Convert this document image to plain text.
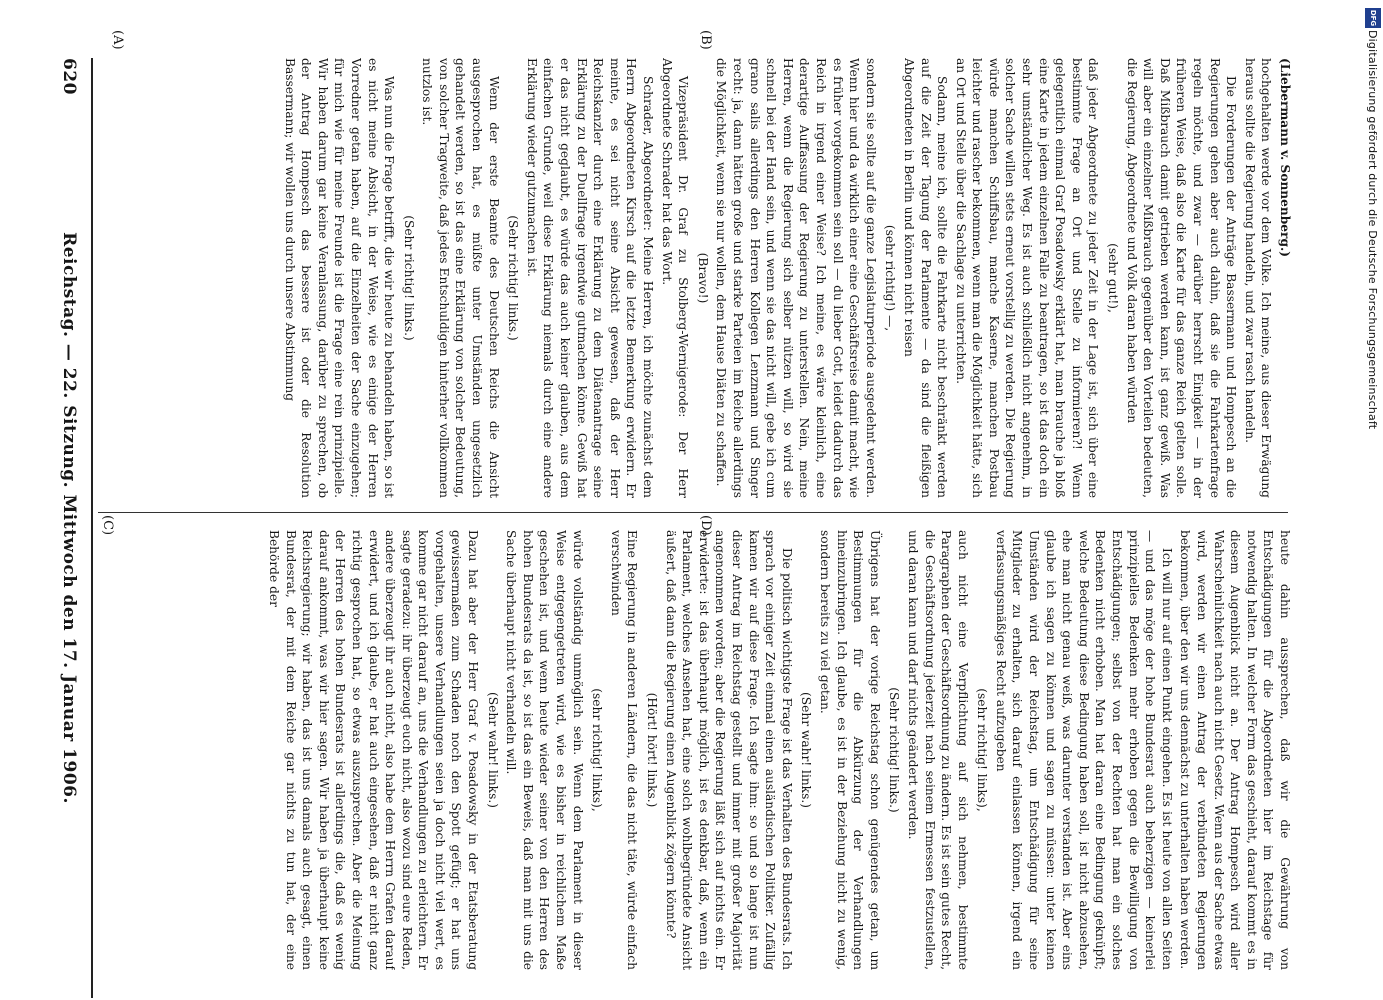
620
Reichstag. — 22. Sitzung. Mittwoch den 17. Januar 1906.

(Liebermann v. Sonnenberg.)

hochgehalten werde vor dem Volke. Ich meine, aus dieser Erwägung heraus sollte die Regierung handeln, und zwar rasch handeln.

Die Forderungen der Anträge Bassermann und Hompesch an die Regierungen gehen aber auch dahin, daß sie die Fahrkartenfrage regeln möchte, und zwar — darüber herrscht Einigkeit — in der früheren Weise, daß also die Karte für das ganze Reich gelten solle. Daß Mißbrauch damit getrieben werden kann, ist ganz gewiß. Was will aber ein einzelner Mißbrauch gegenüber den Vorteilen bedeuten, die Regierung, Abgeordnete und Volk daran haben würden

(sehr gut!),

daß jeder Abgeordnete zu jeder Zeit in der Lage ist, sich über eine bestimmte Frage an Ort und Stelle zu informieren?! Wenn gelegentlich einmal Graf Posadowsky erklärt hat, man brauche ja bloß eine Karte in jedem einzelnen Falle zu beantragen, so ist das doch ein sehr umständlicher Weg. Es ist auch schließlich nicht angenehm, in solcher Sache willen stets erneut vorstellig zu werden. Die Regierung würde manchen Schiffsbau, manche Kaserne, manchen Postbau leichter und rascher bekommen, wenn man die Möglichkeit hätte, sich an Ort und Stelle über die Sachlage zu unterrichten.

Sodann, meine ich, sollte die Fahrkarte nicht beschränkt werden auf die Zeit der Tagung der Parlamente — da sind die fleißigen Abgeordneten in Berlin und können nicht reisen

(sehr richtig!) —,

sondern sie sollte auf die ganze Legislaturperiode ausgedehnt werden. Wenn hier und da wirklich einer eine Geschäftsreise damit macht, wie es früher vorgekommen sein soll — du lieber Gott, leidet dadurch das Reich in irgend einer Weise? Ich meine, es wäre kleinlich, eine derartige Auffassung der Regierung zu unterstellen. Nein, meine Herren, wenn die Regierung sich selber nützen will, so wird sie schnell bei der Hand sein, und wenn sie das nicht will, gebe ich cum grano salis allerdings den Herren Kollegen Lenzmann und Singer recht: ja, dann hätten große und starke Parteien im Reiche allerdings die Möglichkeit, wenn sie nur wollen, dem Hause Diäten zu schaffen.

(Bravo!)

Vizepräsident Dr. Graf zu Stolberg-Wernigerode: Der Herr Abgeordnete Schrader hat das Wort.

Schrader, Abgeordneter: Meine Herren, ich möchte zunächst dem Herrn Abgeordneten Kirsch auf die letzte Bemerkung erwidern. Er meinte, es sei nicht seine Absicht gewesen, daß der Herr Reichskanzler durch eine Erklärung zu dem Diätenantrage seine Erklärung zu der Duellfrage irgendwie gutmachen könne. Gewiß hat er das nicht geglaubt, es würde das auch keiner glauben, aus dem einfachen Grunde, weil diese Erklärung niemals durch eine andere Erklärung wieder gutzumachen ist.

(Sehr richtig! links.)

Wenn der erste Beamte des Deutschen Reichs die Ansicht ausgesprochen hat, es müßte unter Umständen ungesetzlich gehandelt werden, so ist das eine Erklärung von solcher Bedeutung, von solcher Tragweite, daß jedes Entschuldigen hinterher vollkommen nutzlos ist.

(Sehr richtig! links.)

Was nun die Frage betrifft, die wir heute zu behandeln haben, so ist es nicht meine Absicht, in der Weise, wie es einige der Herren Vorredner getan haben, auf die Einzelheiten der Sache einzugehen; für mich wie für meine Freunde ist die Frage eine rein prinzipielle. Wir haben darum gar keine Veranlassung, darüber zu sprechen, ob der Antrag Hompesch das bessere ist oder die Resolution Bassermann; wir wollen uns durch unsere Abstimmung

heute dahin aussprechen, daß wir die Gewährung von Entschädigungen für die Abgeordneten hier im Reichstage für notwendig halten. In welcher Form das geschieht, darauf kommt es in diesem Augenblick nicht an. Der Antrag Hompesch wird aller Wahrscheinlichkeit nach auch nicht Gesetz. Wenn aus der Sache etwas wird, werden wir einen Antrag der verbündeten Regierungen bekommen, über den wir uns dennächst zu unterhalten haben werden.

Ich will nur auf einen Punkt eingehen. Es ist heute von allen Seiten — und das möge der hohe Bundesrat auch beherzigen — keinerlei prinzipielles Bedenken mehr erhoben gegen die Bewilligung von Entschädigungen; selbst von der Rechten hat man ein solches Bedenken nicht erhoben. Man hat daran eine Bedingung geknüpft; welche Bedeutung diese Bedingung haben soll, ist nicht abzusehen, ehe man nicht genau weiß, was darunter verstanden ist. Aber eins glaube ich sagen zu können und sagen zu müssen: unter keinen Umständen wird der Reichstag, um Entschädigung für seine Mitglieder zu erhalten, sich darauf einlassen können, irgend ein verfassungsmäßiges Recht aufzugeben

(sehr richtig! links),

auch nicht eine Verpflichtung auf sich nehmen, bestimmte Paragraphen der Geschäftsordnung zu ändern. Es ist sein gutes Recht, die Geschäftsordnung jederzeit nach seinem Ermessen festzustellen, und daran kann und darf nichts geändert werden.

(Sehr richtig! links.)

Übrigens hat der vorige Reichstag schon genügendes getan, um Bestimmungen für die Abkürzung der Verhandlungen hineinzubringen. Ich glaube, es ist in der Beziehung nicht zu wenig, sondern bereits zu viel getan.

(Sehr wahr! links.)

Die politisch wichtigste Frage ist das Verhalten des Bundesrats. Ich sprach vor einiger Zeit einmal einen ausländischen Politiker. Zufällig kamen wir auf diese Frage. Ich sagte ihm: so und so lange ist nun dieser Antrag im Reichstag gestellt und immer mit großer Majorität angenommen worden; aber die Regierung läßt sich auf nichts ein. Er erwiderte: ist das überhaupt möglich, ist es denkbar, daß, wenn ein Parlament, welches Ansehen hat, eine solch wohlbegründete Ansicht äußert, daß dann die Regierung einen Augenblick zögern könnte?

(Hört! hört! links.)

Eine Regierung in anderen Ländern, die das nicht täte, würde einfach verschwinden

(sehr richtig! links),

würde vollständig unmöglich sein. Wenn dem Parlament in dieser Weise entgegengetreten wird, wie es bisher in reichlichem Maße geschehen ist, und wenn heute wieder seiner von den Herren des hohen Bundesrats da ist, so ist das ein Beweis, daß man mit uns die Sache überhaupt nicht verhandeln will.

(Sehr wahr! links.)

Dazu hat aber der Herr Graf v. Posadowsky in der Etatsberatung gewissermaßen zum Schaden noch den Spott gefügt; er hat uns vorgehalten, unsere Verhandlungen seien ja doch nicht viel wert, es komme gar nicht darauf an, uns die Verhandlungen zu erleichtern. Er sagte geradezu: ihr überzeugt euch nicht, also wozu sind eure Reden, andere überzeugt ihr auch nicht, also habe dem Herrn Grafen darauf erwidert, und ich glaube, er hat auch eingesehen, daß er nicht ganz richtig gesprochen hat, so etwas auszusprechen. Aber die Meinung der Herren des hohen Bundesrats ist allerdings die, daß es wenig darauf ankommt, was wir hier sagen. Wir haben ja überhaupt keine Reichsregierung; wir haben, das ist uns damals auch gesagt, einen Bundesrat, der mit dem Reiche gar nichts zu tun hat, der eine Behörde der

(A)	(B)
(C)	(D)
Digitalisierung gefördert durch die Deutsche Forschungsgemeinschaft
DFG
